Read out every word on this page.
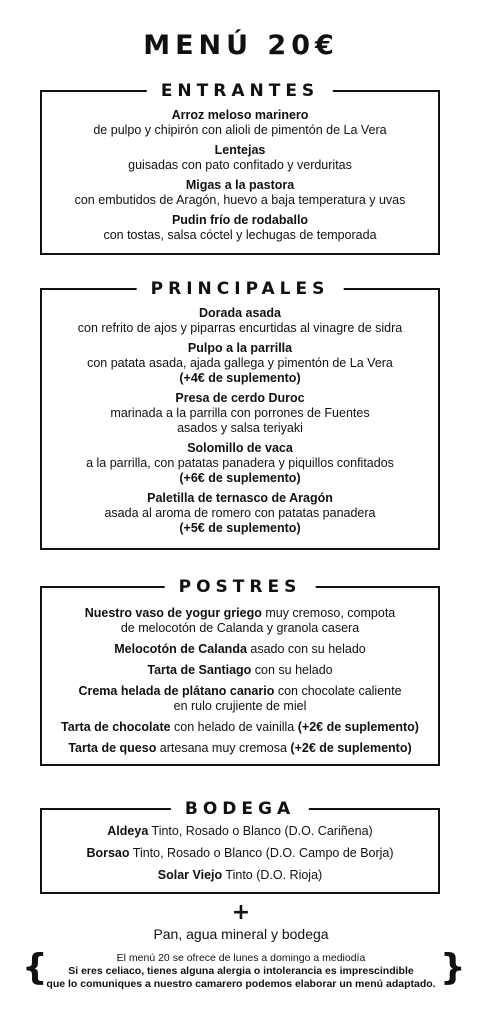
MENÚ 20€
ENTRANTES
Arroz meloso marinero
de pulpo y chipirón con alioli de pimentón de La Vera
Lentejas
guisadas con pato confitado y verduritas
Migas a la pastora
con embutidos de Aragón, huevo a baja temperatura y uvas
Pudin frío de rodaballo
con tostas, salsa cóctel y lechugas de temporada
PRINCIPALES
Dorada asada
con refrito de ajos y piparras encurtidas al vinagre de sidra
Pulpo a la parrilla
con patata asada, ajada gallega y pimentón de La Vera
(+4€ de suplemento)
Presa de cerdo Duroc
marinada a la parrilla con porrones de Fuentes asados y salsa teriyaki
Solomillo de vaca
a la parrilla, con patatas panadera y piquillos confitados
(+6€ de suplemento)
Paletilla de ternasco de Aragón
asada al aroma de romero con patatas panadera
(+5€ de suplemento)
POSTRES
Nuestro vaso de yogur griego muy cremoso, compota de melocotón de Calanda y granola casera
Melocotón de Calanda asado con su helado
Tarta de Santiago con su helado
Crema helada de plátano canario con chocolate caliente en rulo crujiente de miel
Tarta de chocolate con helado de vainilla (+2€ de suplemento)
Tarta de queso artesana muy cremosa (+2€ de suplemento)
BODEGA
Aldeya Tinto, Rosado o Blanco (D.O. Cariñena)
Borsao Tinto, Rosado o Blanco (D.O. Campo de Borja)
Solar Viejo Tinto (D.O. Rioja)
+
Pan, agua mineral y bodega
{	}
El menú 20 se ofrece de lunes a domingo a mediodía
Si eres celiaco, tienes alguna alergia o intolerancia es imprescindible
que lo comuniques a nuestro camarero podemos elaborar un menú adaptado.
